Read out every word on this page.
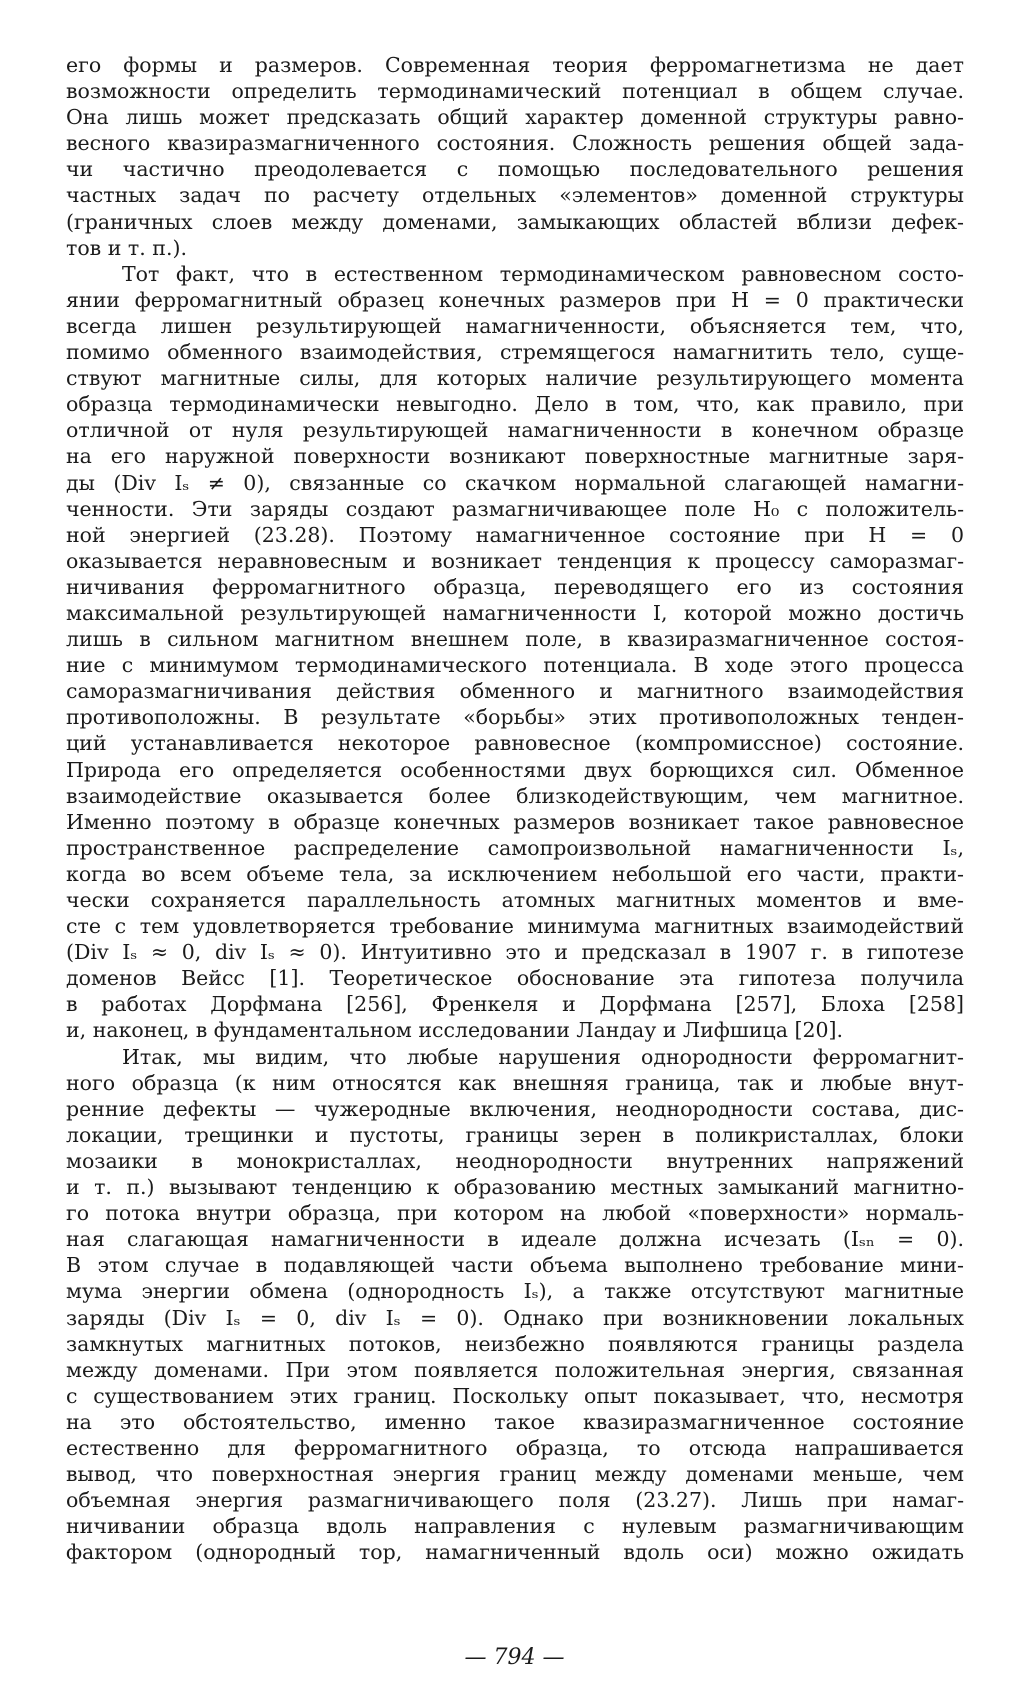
его формы и размеров. Современная теория ферромагнетизма не дает
возможности определить термодинамический потенциал в общем случае.
Она лишь может предсказать общий характер доменной структуры равно-
весного квазиразмагниченного состояния. Сложность решения общей зада-
чи частично преодолевается с помощью последовательного решения
частных задач по расчету отдельных «элементов» доменной структуры
(граничных слоев между доменами, замыкающих областей вблизи дефек-
тов и т. п.).
Тот факт, что в естественном термодинамическом равновесном состо-
янии ферромагнитный образец конечных размеров при H = 0 практически
всегда лишен результирующей намагниченности, объясняется тем, что,
помимо обменного взаимодействия, стремящегося намагнитить тело, суще-
ствуют магнитные силы, для которых наличие результирующего момента
образца термодинамически невыгодно. Дело в том, что, как правило, при
отличной от нуля результирующей намагниченности в конечном образце
на его наружной поверхности возникают поверхностные магнитные заря-
ды (Div Iₛ ≠ 0), связанные со скачком нормальной слагающей намагни-
ченности. Эти заряды создают размагничивающее поле H₀ с положитель-
ной энергией (23.28). Поэтому намагниченное состояние при H = 0
оказывается неравновесным и возникает тенденция к процессу саморазмаг-
ничивания ферромагнитного образца, переводящего его из состояния
максимальной результирующей намагниченности I, которой можно достичь
лишь в сильном магнитном внешнем поле, в квазиразмагниченное состоя-
ние с минимумом термодинамического потенциала. В ходе этого процесса
саморазмагничивания действия обменного и магнитного взаимодействия
противоположны. В результате «борьбы» этих противоположных тенден-
ций устанавливается некоторое равновесное (компромиссное) состояние.
Природа его определяется особенностями двух борющихся сил. Обменное
взаимодействие оказывается более близкодействующим, чем магнитное.
Именно поэтому в образце конечных размеров возникает такое равновесное
пространственное распределение самопроизвольной намагниченности Iₛ,
когда во всем объеме тела, за исключением небольшой его части, практи-
чески сохраняется параллельность атомных магнитных моментов и вме-
сте с тем удовлетворяется требование минимума магнитных взаимодействий
(Div Iₛ ≈ 0, div Iₛ ≈ 0). Интуитивно это и предсказал в 1907 г. в гипотезе
доменов Вейсс [1]. Теоретическое обоснование эта гипотеза получила
в работах Дорфмана [256], Френкеля и Дорфмана [257], Блоха [258]
и, наконец, в фундаментальном исследовании Ландау и Лифшица [20].
Итак, мы видим, что любые нарушения однородности ферромагнит-
ного образца (к ним относятся как внешняя граница, так и любые внут-
ренние дефекты — чужеродные включения, неоднородности состава, дис-
локации, трещинки и пустоты, границы зерен в поликристаллах, блоки
мозаики в монокристаллах, неоднородности внутренних напряжений
и т. п.) вызывают тенденцию к образованию местных замыканий магнитно-
го потока внутри образца, при котором на любой «поверхности» нормаль-
ная слагающая намагниченности в идеале должна исчезать (Iₛₙ = 0).
В этом случае в подавляющей части объема выполнено требование мини-
мума энергии обмена (однородность Iₛ), а также отсутствуют магнитные
заряды (Div Iₛ = 0, div Iₛ = 0). Однако при возникновении локальных
замкнутых магнитных потоков, неизбежно появляются границы раздела
между доменами. При этом появляется положительная энергия, связанная
с существованием этих границ. Поскольку опыт показывает, что, несмотря
на это обстоятельство, именно такое квазиразмагниченное состояние
естественно для ферромагнитного образца, то отсюда напрашивается
вывод, что поверхностная энергия границ между доменами меньше, чем
объемная энергия размагничивающего поля (23.27). Лишь при намаг-
ничивании образца вдоль направления с нулевым размагничивающим
фактором (однородный тор, намагниченный вдоль оси) можно ожидать
— 794 —
